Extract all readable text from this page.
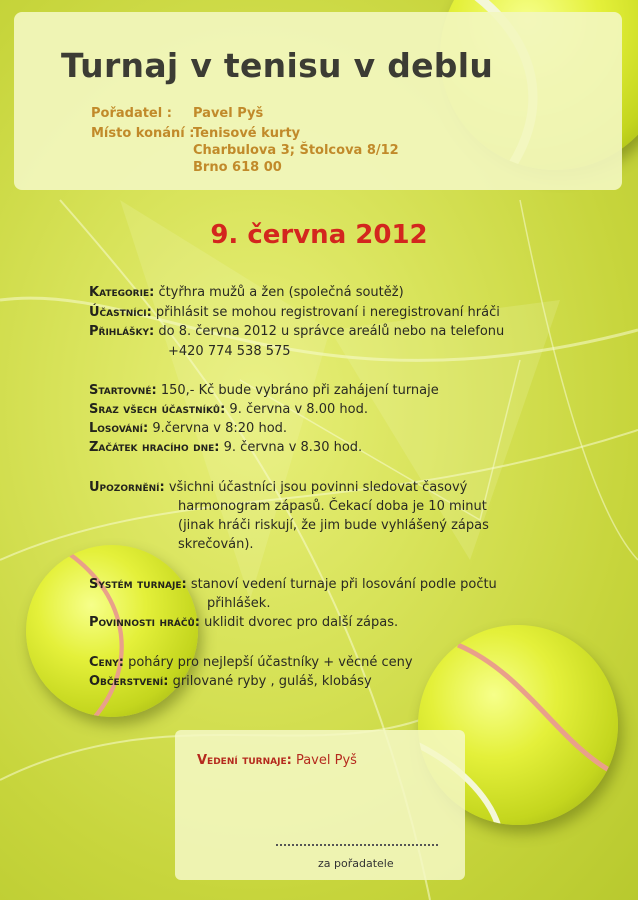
Turnaj v tenisu v deblu
Pořadatel : Pavel Pyš
Místo konání :
Tenisové kurty
Charbulova 3; Štolcova 8/12
Brno 618 00
9. června 2012
Kategorie: čtyřhra mužů a žen (společná soutěž)
Účastníci: přihlásit se mohou registrovaní i neregistrovaní hráči
Přihlášky: do 8. června 2012 u správce areálů nebo na telefonu
+420 774 538 575
Startovné: 150,- Kč bude vybráno při zahájení turnaje
Sraz všech účastníků: 9. června v 8.00 hod.
Losování: 9.června v 8:20 hod.
Začátek hracího dne: 9. června v 8.30 hod.
Upozornění: všichni účastníci jsou povinni sledovat časový
harmonogram zápasů. Čekací doba je 10 minut
(jinak hráči riskují, že jim bude vyhlášený zápas
skrečován).
Systém turnaje: stanoví vedení turnaje při losování podle počtu
přihlášek.
Povinnosti hráčů: uklidit dvorec pro další zápas.
Ceny: poháry pro nejlepší účastníky + věcné ceny
Občerstvení: grilované ryby , guláš, klobásy
Vedení turnaje: Pavel Pyš
za pořadatele
